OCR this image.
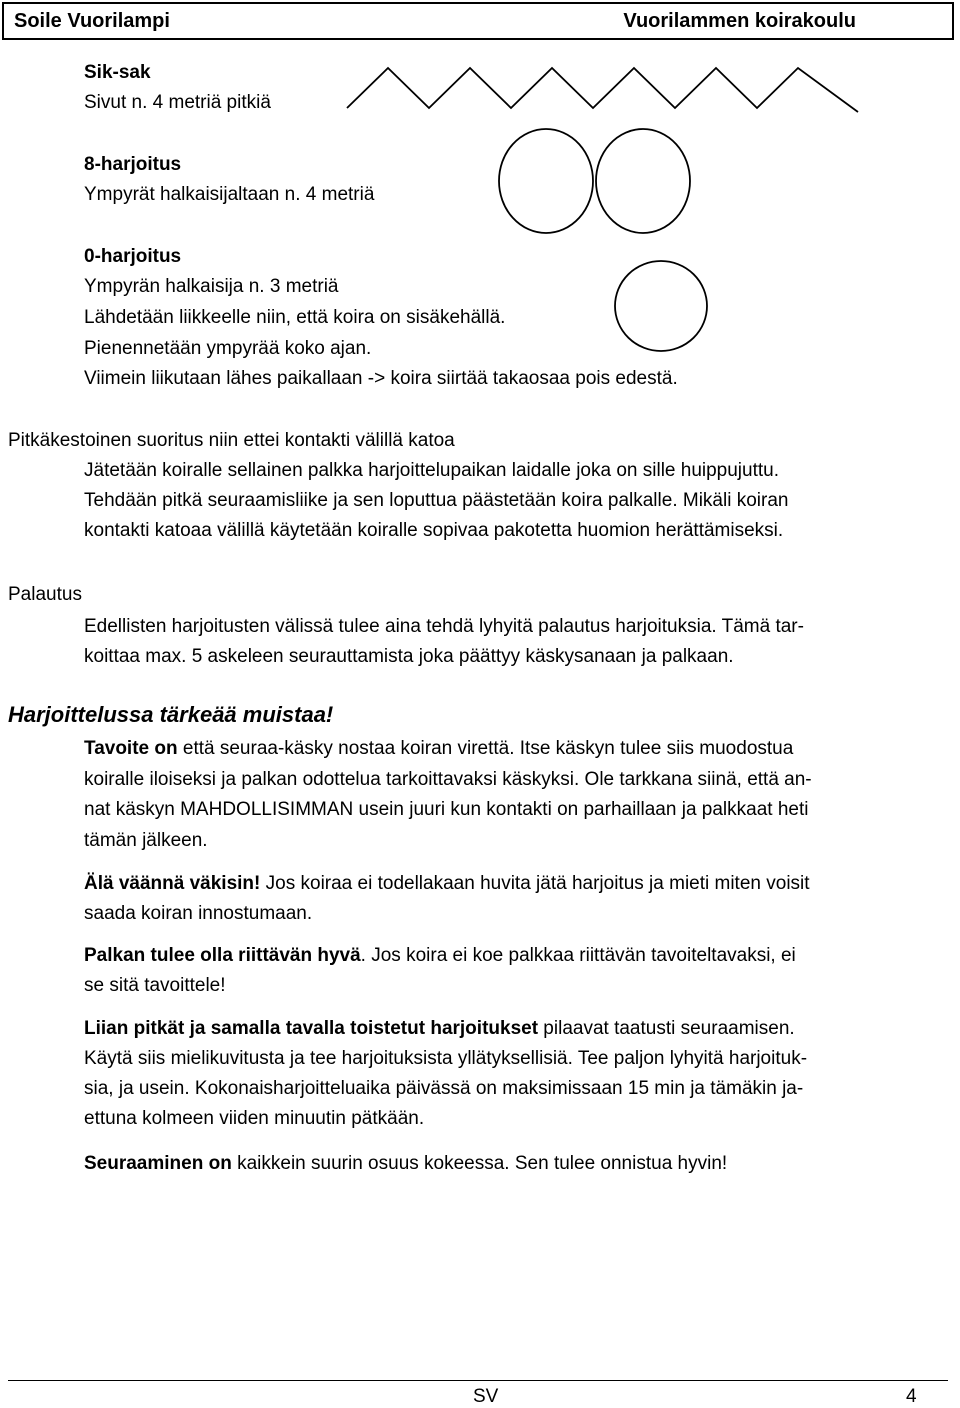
Soile Vuorilampi	Vuorilammen koirakoulu
Sik-sak
Sivut n. 4 metriä pitkiä
8-harjoitus
Ympyrät halkaisijaltaan n. 4 metriä
0-harjoitus
Ympyrän halkaisija n. 3 metriä
Lähdetään liikkeelle niin, että koira on sisäkehällä.
Pienennetään ympyrää koko ajan.
Viimein liikutaan lähes paikallaan -> koira siirtää takaosaa pois edestä.
Pitkäkestoinen suoritus niin ettei kontakti välillä katoa

Jätetään koiralle sellainen palkka harjoittelupaikan laidalle joka on sille huippujuttu.

Tehdään pitkä seuraamisliike ja sen loputtua päästetään koira palkalle. Mikäli koiran

kontakti katoaa välillä käytetään koiralle sopivaa pakotetta huomion herättämiseksi.

Palautus

Edellisten harjoitusten välissä tulee aina tehdä lyhyitä palautus harjoituksia. Tämä tar-

koittaa max. 5 askeleen seurauttamista joka päättyy käskysanaan ja palkaan.

Harjoittelussa tärkeää muistaa!

Tavoite on että seuraa-käsky nostaa koiran virettä. Itse käskyn tulee siis muodostua

koiralle iloiseksi ja palkan odottelua tarkoittavaksi käskyksi. Ole tarkkana siinä, että an-

nat käskyn MAHDOLLISIMMAN usein juuri kun kontakti on parhaillaan ja palkkaat heti

tämän jälkeen.

Älä väännä väkisin! Jos koiraa ei todellakaan huvita jätä harjoitus ja mieti miten voisit

saada koiran innostumaan.

Palkan tulee olla riittävän hyvä. Jos koira ei koe palkkaa riittävän tavoiteltavaksi, ei

se sitä tavoittele!

Liian pitkät ja samalla tavalla toistetut harjoitukset pilaavat taatusti seuraamisen.

Käytä siis mielikuvitusta ja tee harjoituksista yllätyksellisiä. Tee paljon lyhyitä harjoituk-

sia, ja usein. Kokonaisharjoitteluaika päivässä on maksimissaan 15 min ja tämäkin ja-

ettuna kolmeen viiden minuutin pätkään.

Seuraaminen on kaikkein suurin osuus kokeessa. Sen tulee onnistua hyvin!

SV	4
